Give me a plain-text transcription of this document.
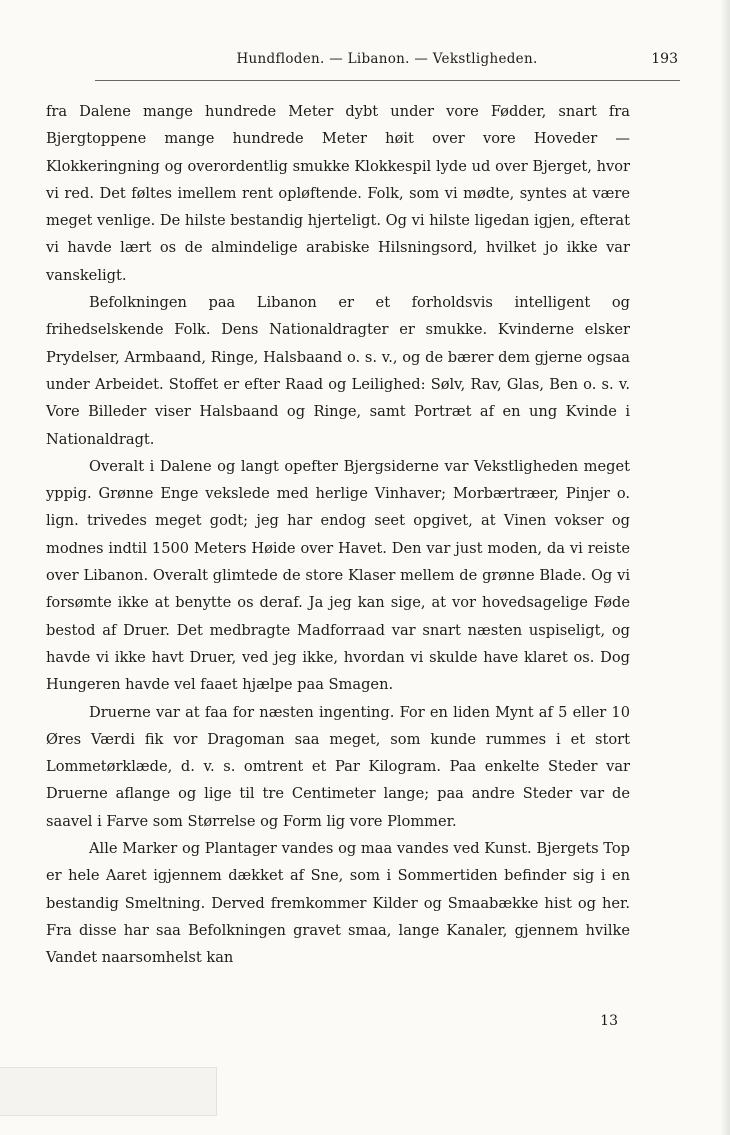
Hundfloden. — Libanon. — Vekstligheden.	193

fra Dalene mange hundrede Meter dybt under vore Fødder, snart fra Bjergtoppene mange hundrede Meter høit over vore Hoveder — Klokkeringning og overordentlig smukke Klokkespil lyde ud over Bjerget, hvor vi red. Det føltes imellem rent opløftende. Folk, som vi mødte, syntes at være meget venlige. De hilste bestandig hjerteligt. Og vi hilste ligedan igjen, efterat vi havde lært os de almindelige arabiske Hilsningsord, hvilket jo ikke var vanskeligt.

Befolkningen paa Libanon er et forholdsvis intelligent og frihedselskende Folk. Dens Nationaldragter er smukke. Kvinderne elsker Prydelser, Armbaand, Ringe, Halsbaand o. s. v., og de bærer dem gjerne ogsaa under Arbeidet. Stoffet er efter Raad og Leilighed: Sølv, Rav, Glas, Ben o. s. v. Vore Billeder viser Halsbaand og Ringe, samt Portræt af en ung Kvinde i Nationaldragt.

Overalt i Dalene og langt opefter Bjergsiderne var Vekstligheden meget yppig. Grønne Enge vekslede med herlige Vinhaver; Morbærtræer, Pinjer o. lign. trivedes meget godt; jeg har endog seet opgivet, at Vinen vokser og modnes indtil 1500 Meters Høide over Havet. Den var just moden, da vi reiste over Libanon. Overalt glimtede de store Klaser mellem de grønne Blade. Og vi forsømte ikke at benytte os deraf. Ja jeg kan sige, at vor hovedsagelige Føde bestod af Druer. Det medbragte Madforraad var snart næsten uspiseligt, og havde vi ikke havt Druer, ved jeg ikke, hvordan vi skulde have klaret os. Dog Hungeren havde vel faaet hjælpe paa Smagen.

Druerne var at faa for næsten ingenting. For en liden Mynt af 5 eller 10 Øres Værdi fik vor Dragoman saa meget, som kunde rummes i et stort Lommetørklæde, d. v. s. omtrent et Par Kilogram. Paa enkelte Steder var Druerne aflange og lige til tre Centimeter lange; paa andre Steder var de saavel i Farve som Størrelse og Form lig vore Plommer.

Alle Marker og Plantager vandes og maa vandes ved Kunst. Bjergets Top er hele Aaret igjennem dækket af Sne, som i Sommertiden befinder sig i en bestandig Smeltning. Derved fremkommer Kilder og Smaabække hist og her. Fra disse har saa Befolkningen gravet smaa, lange Kanaler, gjennem hvilke Vandet naarsomhelst kan

13
